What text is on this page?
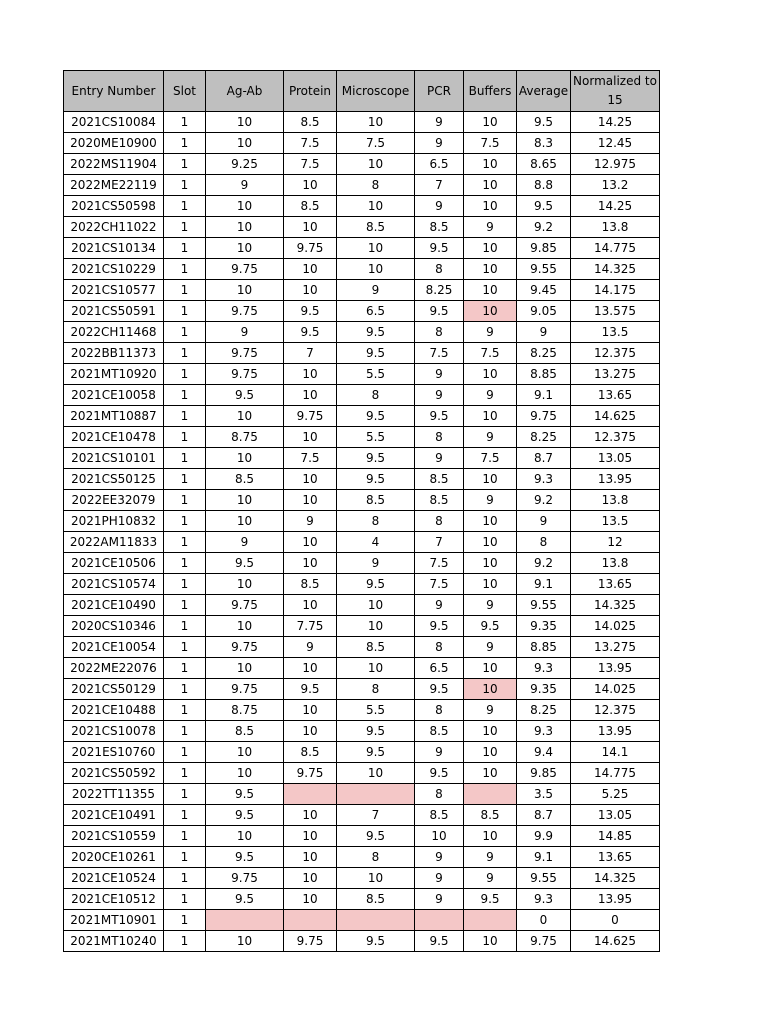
Entry Number	Slot	Ag-Ab	Protein	Microscope	PCR	Buffers	Average	Normalized to 15
2021CS10084	1	10	8.5	10	9	10	9.5	14.25
2020ME10900	1	10	7.5	7.5	9	7.5	8.3	12.45
2022MS11904	1	9.25	7.5	10	6.5	10	8.65	12.975
2022ME22119	1	9	10	8	7	10	8.8	13.2
2021CS50598	1	10	8.5	10	9	10	9.5	14.25
2022CH11022	1	10	10	8.5	8.5	9	9.2	13.8
2021CS10134	1	10	9.75	10	9.5	10	9.85	14.775
2021CS10229	1	9.75	10	10	8	10	9.55	14.325
2021CS10577	1	10	10	9	8.25	10	9.45	14.175
2021CS50591	1	9.75	9.5	6.5	9.5	10	9.05	13.575
2022CH11468	1	9	9.5	9.5	8	9	9	13.5
2022BB11373	1	9.75	7	9.5	7.5	7.5	8.25	12.375
2021MT10920	1	9.75	10	5.5	9	10	8.85	13.275
2021CE10058	1	9.5	10	8	9	9	9.1	13.65
2021MT10887	1	10	9.75	9.5	9.5	10	9.75	14.625
2021CE10478	1	8.75	10	5.5	8	9	8.25	12.375
2021CS10101	1	10	7.5	9.5	9	7.5	8.7	13.05
2021CS50125	1	8.5	10	9.5	8.5	10	9.3	13.95
2022EE32079	1	10	10	8.5	8.5	9	9.2	13.8
2021PH10832	1	10	9	8	8	10	9	13.5
2022AM11833	1	9	10	4	7	10	8	12
2021CE10506	1	9.5	10	9	7.5	10	9.2	13.8
2021CS10574	1	10	8.5	9.5	7.5	10	9.1	13.65
2021CE10490	1	9.75	10	10	9	9	9.55	14.325
2020CS10346	1	10	7.75	10	9.5	9.5	9.35	14.025
2021CE10054	1	9.75	9	8.5	8	9	8.85	13.275
2022ME22076	1	10	10	10	6.5	10	9.3	13.95
2021CS50129	1	9.75	9.5	8	9.5	10	9.35	14.025
2021CE10488	1	8.75	10	5.5	8	9	8.25	12.375
2021CS10078	1	8.5	10	9.5	8.5	10	9.3	13.95
2021ES10760	1	10	8.5	9.5	9	10	9.4	14.1
2021CS50592	1	10	9.75	10	9.5	10	9.85	14.775
2022TT11355	1	9.5			8		3.5	5.25
2021CE10491	1	9.5	10	7	8.5	8.5	8.7	13.05
2021CS10559	1	10	10	9.5	10	10	9.9	14.85
2020CE10261	1	9.5	10	8	9	9	9.1	13.65
2021CE10524	1	9.75	10	10	9	9	9.55	14.325
2021CE10512	1	9.5	10	8.5	9	9.5	9.3	13.95
2021MT10901	1						0	0
2021MT10240	1	10	9.75	9.5	9.5	10	9.75	14.625
